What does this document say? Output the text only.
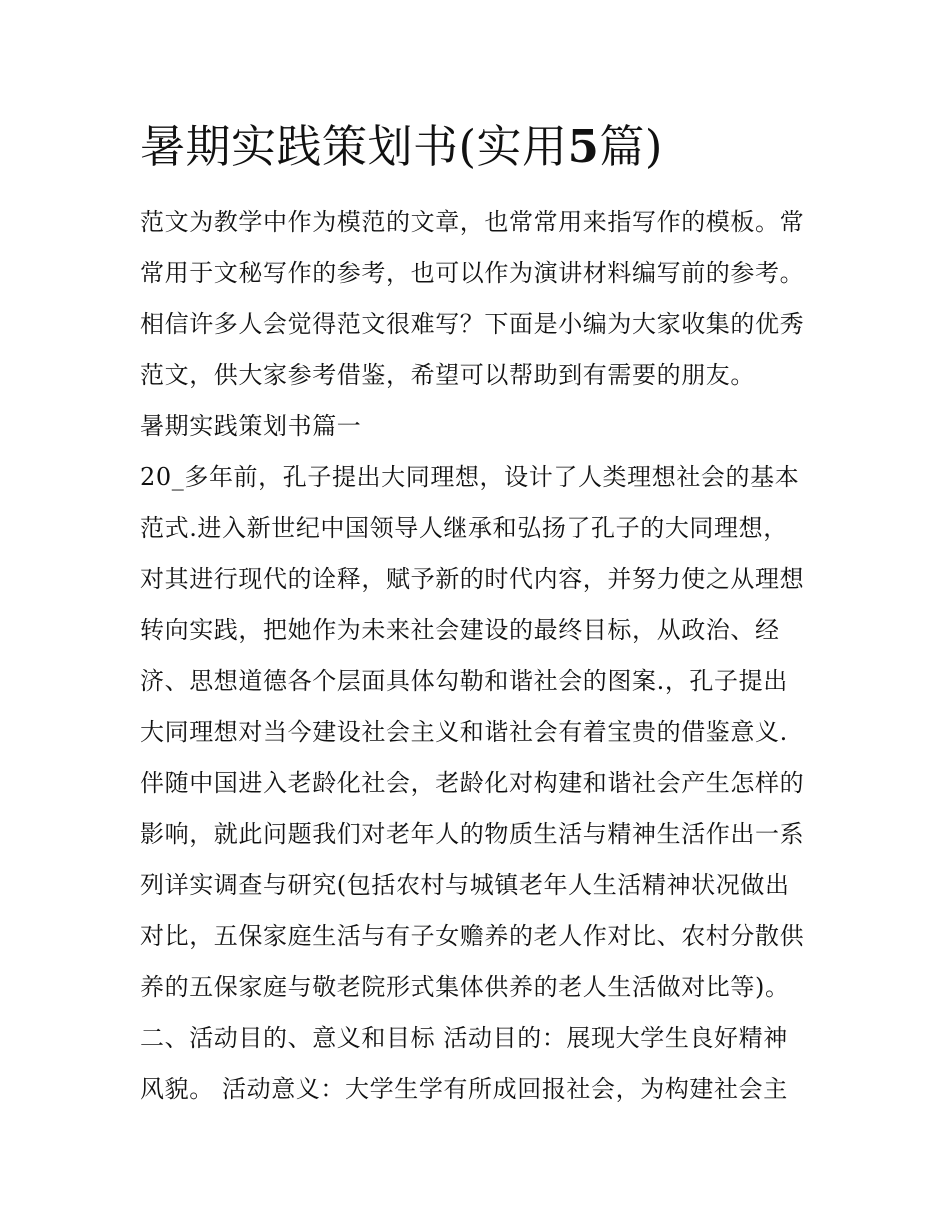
暑期实践策划书(实用5篇)

范文为教学中作为模范的文章，也常常用来指写作的模板。常

常用于文秘写作的参考，也可以作为演讲材料编写前的参考。

相信许多人会觉得范文很难写？下面是小编为大家收集的优秀

范文，供大家参考借鉴，希望可以帮助到有需要的朋友。

暑期实践策划书篇一

20_多年前，孔子提出大同理想，设计了人类理想社会的基本

范式.进入新世纪中国领导人继承和弘扬了孔子的大同理想，

对其进行现代的诠释，赋予新的时代内容，并努力使之从理想

转向实践，把她作为未来社会建设的最终目标，从政治、经

济、思想道德各个层面具体勾勒和谐社会的图案.，孔子提出

大同理想对当今建设社会主义和谐社会有着宝贵的借鉴意义.

伴随中国进入老龄化社会，老龄化对构建和谐社会产生怎样的

影响，就此问题我们对老年人的物质生活与精神生活作出一系

列详实调查与研究(包括农村与城镇老年人生活精神状况做出

对比，五保家庭生活与有子女赡养的老人作对比、农村分散供

养的五保家庭与敬老院形式集体供养的老人生活做对比等)。

二、活动目的、意义和目标 活动目的：展现大学生良好精神

风貌。 活动意义：大学生学有所成回报社会，为构建社会主
